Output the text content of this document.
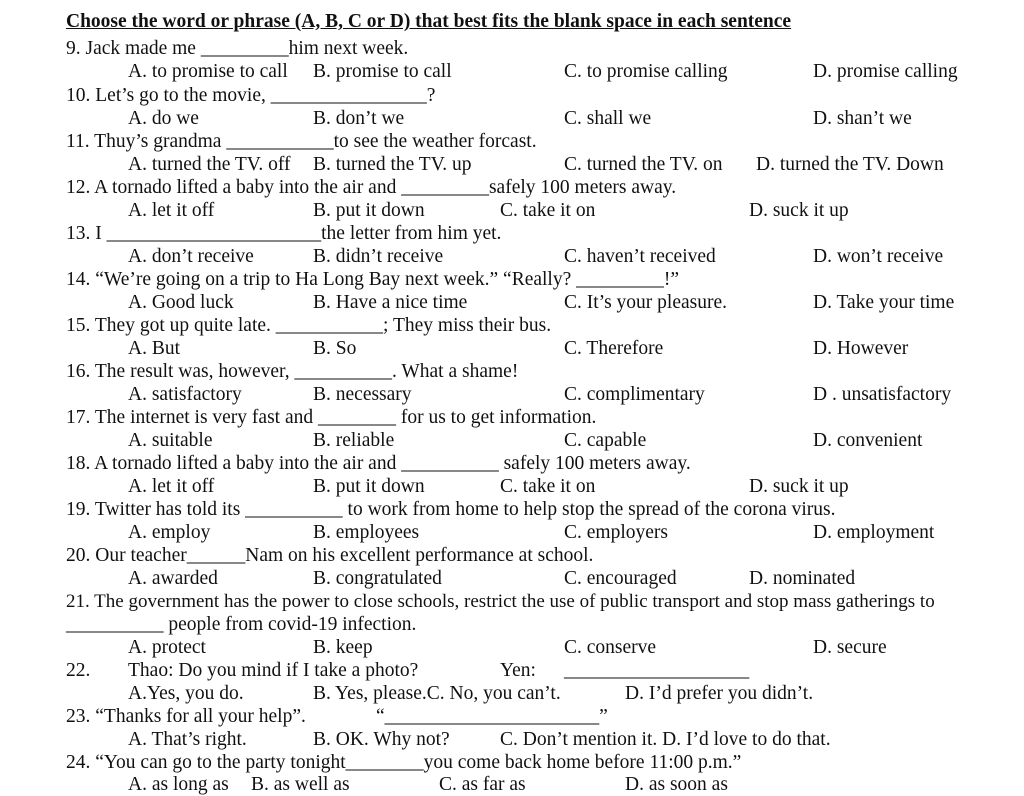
Choose the word or phrase (A, B, C or D) that best fits the blank space in each sentence
9. Jack made me _________him next week.
A. to promise to call B. promise to call	C. to promise calling	D. promise calling
10. Let’s go to the movie, ________________?
A. do we	B. don’t we	C. shall we	D. shan’t we
11. Thuy’s grandma ___________to see the weather forcast.
A. turned the TV. off B. turned the TV. up	C. turned the TV. on D. turned the TV. Down
12. A tornado lifted a baby into the air and _________safely 100 meters away.
A. let it off	B. put it down	C. take it on	D. suck it up
13. I ______________________the letter from him yet.
A. don’t receive	B. didn’t receive	C. haven’t received	D. won’t receive
14. “We’re going on a trip to Ha Long Bay next week.” “Really? _________!”
A. Good luck	B. Have a nice time	C. It’s your pleasure.	D. Take your time
15. They got up quite late. ___________; They miss their bus.
A. But	B. So	C. Therefore	D. However
16. The result was, however, __________. What a shame!
A. satisfactory	B. necessary	C. complimentary	D . unsatisfactory
17. The internet is very fast and ________ for us to get information.
A. suitable	B. reliable	C. capable	D. convenient
18. A tornado lifted a baby into the air and __________ safely 100 meters away.
A. let it off	B. put it down	C. take it on	D. suck it up
19. Twitter has told its __________ to work from home to help stop the spread of the corona virus.
A. employ	B. employees	C. employers	D. employment
20. Our teacher______Nam on his excellent performance at school.
A. awarded	B. congratulated	C. encouraged	D. nominated
21. The government has the power to close schools, restrict the use of public transport and stop mass gatherings to
__________ people from covid-19 infection.
A. protect	B. keep	C. conserve	D. secure
22. Thao: Do you mind if I take a photo?	Yen: ___________________
A.Yes, you do.	B. Yes, please.C. No, you can’t.	D. I’d prefer you didn’t.
23. “Thanks for all your help”.	“______________________”
A. That’s right.	B. OK. Why not?	C. Don’t mention it. D. I’d love to do that.
24. “You can go to the party tonight________you come back home before 11:00 p.m.”
A. as long as B. as well as	C. as far as	D. as soon as
